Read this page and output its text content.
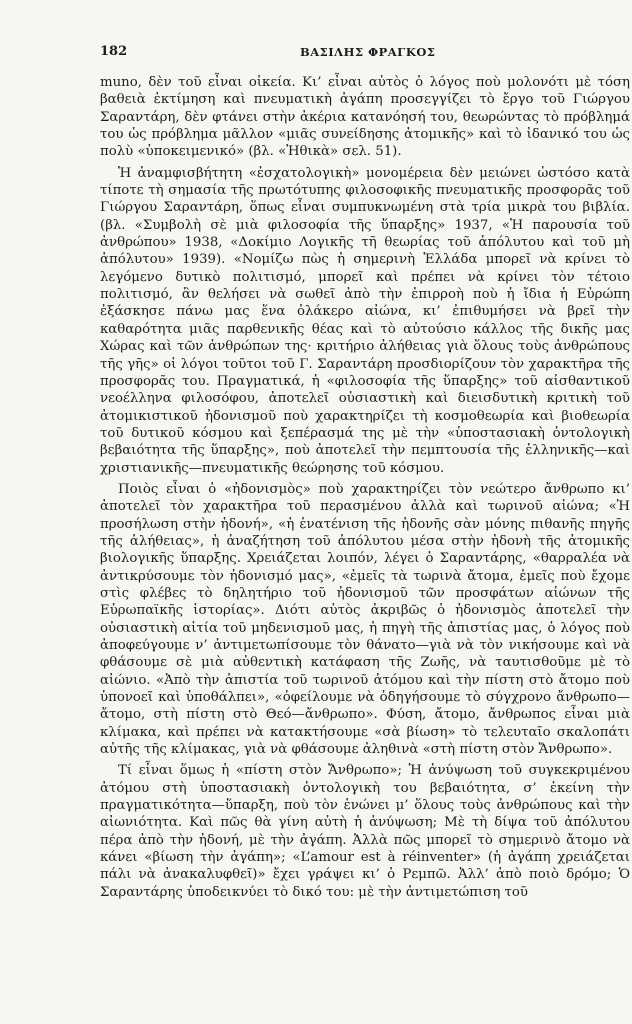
182	ΒΑΣΙΛΗΣ ΦΡΑΓΚΟΣ

muno, δὲν τοῦ εἶναι οἰκεία. Κι’ εἶναι αὐτὸς ὁ λόγος ποὺ μολονότι μὲ τόση βαθειὰ ἐκτίμηση καὶ πνευματικὴ ἀγάπη προσεγγίζει τὸ ἔργο τοῦ Γιώργου Σαραντάρη, δὲν φτάνει στὴν ἀκέρια κατανόησή του, θεωρώντας τὸ πρόβλημά του ὡς πρόβλημα μᾶλλον «μιᾶς συνείδησης ἀτομικῆς» καὶ τὸ ἰδανικό του ὡς πολὺ «ὑποκειμενικό» (βλ. «Ἠθικὰ» σελ. 51).

Ἡ ἀναμφισβήτητη «ἐσχατολογικὴ» μονομέρεια δὲν μειώνει ὡστόσο κατὰ τίποτε τὴ σημασία τῆς πρωτότυπης φιλοσοφικῆς πνευματικῆς προσφορᾶς τοῦ Γιώργου Σαραντάρη, ὅπως εἶναι συμπυκνωμένη στὰ τρία μικρὰ του βιβλία. (βλ. «Συμβολὴ σὲ μιὰ φιλοσοφία τῆς ὕπαρξης» 1937, «Ἡ παρουσία τοῦ ἀνθρώπου» 1938, «Δοκίμιο Λογικῆς τῆ θεωρίας τοῦ ἀπόλυτου καὶ τοῦ μὴ ἀπόλυτου» 1939). «Νομίζω πὼς ἡ σημερινὴ Ἑλλάδα μπορεῖ νὰ κρίνει τὸ λεγόμενο δυτικὸ πολιτισμό, μπορεῖ καὶ πρέπει νὰ κρίνει τὸν τέτοιο πολιτισμό, ἂν θελήσει νὰ σωθεῖ ἀπὸ τὴν ἐπιρροὴ ποὺ ἡ ἴδια ἡ Εὐρώπη ἐξάσκησε πάνω μας ἕνα ὀλάκερο αἰώνα, κι’ ἐπιθυμήσει νὰ βρεῖ τὴν καθαρότητα μιᾶς παρθενικῆς θέας καὶ τὸ αὐτούσιο κάλλος τῆς δικῆς μας Χώρας καὶ τῶν ἀνθρώπων της· κριτήριο ἀλήθειας γιὰ ὅλους τοὺς ἀνθρώπους τῆς γῆς» οἱ λόγοι τοῦτοι τοῦ Γ. Σαραντάρη προσδιορίζουν τὸν χαρακτῆρα τῆς προσφορᾶς του. Πραγματικά, ἡ «φιλοσοφία τῆς ὕπαρξης» τοῦ αἰσθαντικοῦ νεοέλληνα φιλοσόφου, ἀποτελεῖ οὐσιαστικὴ καὶ διεισδυτικὴ κριτικὴ τοῦ ἀτομικιστικοῦ ἠδονισμοῦ ποὺ χαρακτηρίζει τὴ κοσμοθεωρία καὶ βιοθεωρία τοῦ δυτικοῦ κόσμου καὶ ξεπέρασμά της μὲ τὴν «ὑποστασιακὴ ὀντολογικὴ βεβαιότητα τῆς ὕπαρξης», ποὺ ἀποτελεῖ τὴν πεμπτουσία τῆς ἑλληνικῆς—καὶ χριστιανικῆς—πνευματικῆς θεώρησης τοῦ κόσμου.

Ποιὸς εἶναι ὁ «ἠδονισμὸς» ποὺ χαρακτηρίζει τὸν νεώτερο ἄνθρωπο κι’ ἀποτελεῖ τὸν χαρακτῆρα τοῦ περασμένου ἀλλὰ καὶ τωρινοῦ αἰώνα; «Ἡ προσήλωση στὴν ἡδονή», «ἡ ἐνατένιση τῆς ἡδονῆς σὰν μόνης πιθανῆς πηγῆς τῆς ἀλήθειας», ἡ ἀναζήτηση τοῦ ἀπόλυτου μέσα στὴν ἡδονὴ τῆς ἀτομικῆς βιολογικῆς ὕπαρξης. Χρειάζεται λοιπόν, λέγει ὁ Σαραντάρης, «θαρραλέα νὰ ἀντικρύσουμε τὸν ἠδονισμό μας», «ἐμεῖς τὰ τωρινὰ ἄτομα, ἐμεῖς ποὺ ἔχομε στὶς φλέβες τὸ δηλητήριο τοῦ ἠδονισμοῦ τῶν προσφάτων αἰώνων τῆς Εὐρωπαϊκῆς ἱστορίας». Διότι αὐτὸς ἀκριβῶς ὁ ἠδονισμὸς ἀποτελεῖ τὴν οὐσιαστικὴ αἰτία τοῦ μηδενισμοῦ μας, ἡ πηγὴ τῆς ἀπιστίας μας, ὁ λόγος ποὺ ἀποφεύγουμε ν’ ἀντιμετωπίσουμε τὸν θάνατο—γιὰ νὰ τὸν νικήσουμε καὶ νὰ φθάσουμε σὲ μιὰ αὐθεντικὴ κατάφαση τῆς Ζωῆς, νὰ ταυτισθοῦμε μὲ τὸ αἰώνιο. «Ἀπὸ τὴν ἀπιστία τοῦ τωρινοῦ ἀτόμου καὶ τὴν πίστη στὸ ἄτομο ποὺ ὑπονοεῖ καὶ ὑποθάλπει», «ὀφείλουμε νὰ ὁδηγήσουμε τὸ σύγχρονο ἄνθρωπο—ἄτομο, στὴ πίστη στὸ Θεό—ἄνθρωπο». Φύση, ἄτομο, ἄνθρωπος εἶναι μιὰ κλίμακα, καὶ πρέπει νὰ κατακτήσουμε «σὰ βίωση» τὸ τελευταῖο σκαλοπάτι αὐτῆς τῆς κλίμακας, γιὰ νὰ φθάσουμε ἀληθινὰ «στὴ πίστη στὸν Ἄνθρωπο».

Τί εἶναι ὅμως ἡ «πίστη στὸν Ἄνθρωπο»; Ἡ ἀνύψωση τοῦ συγκεκριμένου ἀτόμου στὴ ὑποστασιακὴ ὀντολογικὴ του βεβαιότητα, σ’ ἐκείνη τὴν πραγματικότητα—ὕπαρξη, ποὺ τὸν ἑνώνει μ’ ὅλους τοὺς ἀνθρώπους καὶ τὴν αἰωνιότητα. Καὶ πῶς θὰ γίνη αὐτὴ ἡ ἀνύψωση; Μὲ τὴ δίψα τοῦ ἀπόλυτου πέρα ἀπὸ τὴν ἡδονή, μὲ τὴν ἀγάπη. Ἀλλὰ πῶς μπορεῖ τὸ σημερινὸ ἄτομο νὰ κάνει «βίωση τὴν ἀγάπη»; «L’amour est à réinventer» (ἡ ἀγάπη χρειάζεται πάλι νὰ ἀνακαλυφθεῖ)» ἔχει γράψει κι’ ὁ Ρεμπῶ. Ἀλλ’ ἀπὸ ποιὸ δρόμο; Ὁ Σαραντάρης ὑποδεικνύει τὸ δικό του: μὲ τὴν ἀντιμετώπιση τοῦ
